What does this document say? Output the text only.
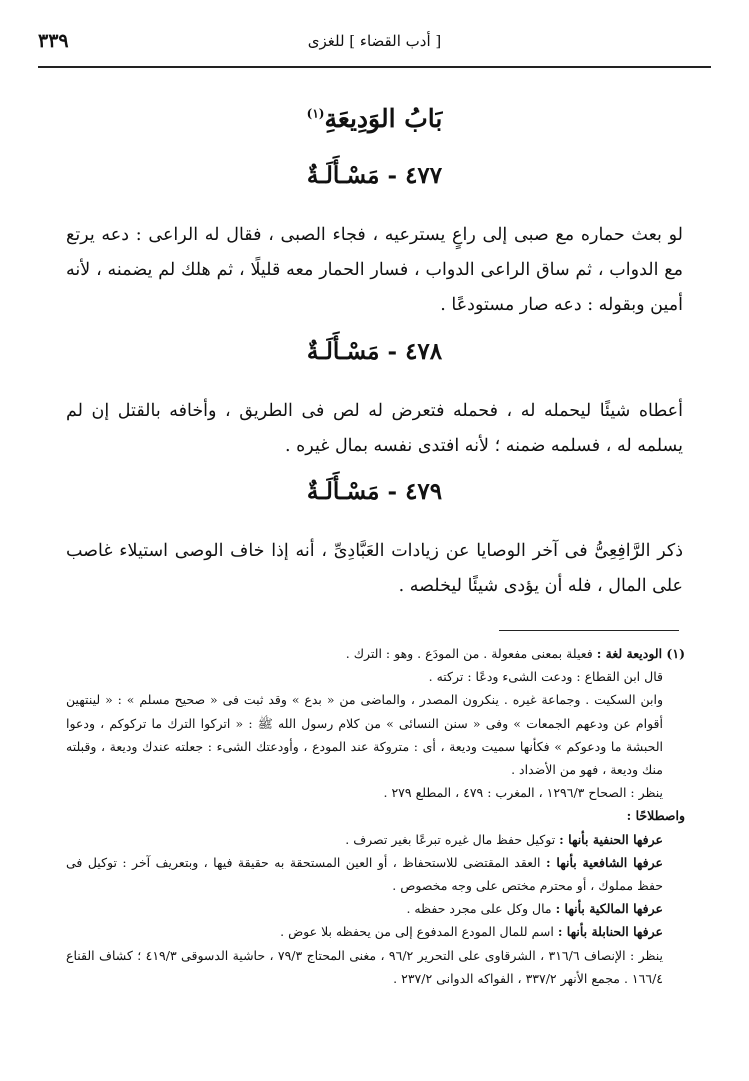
٣٣٩	[ أدب القضاء ] للغزى
بَابُ الوَدِيعَةِ$^{(١)}$
٤٧٧ - مَسْـأَلَـةٌ
لو بعث حماره مع صبى إلى راعٍ يسترعيه ، فجاء الصبى ، فقال له الراعى : دعه يرتع مع الدواب ، ثم ساق الراعى الدواب ، فسار الحمار معه قليلًا ، ثم هلك لم يضمنه ، لأنه أمين وبقوله : دعه صار مستودعًا .
٤٧٨ - مَسْـأَلَـةٌ
أعطاه شيئًا ليحمله له ، فحمله فتعرض له لص فى الطريق ، وأخافه بالقتل إن لم يسلمه له ، فسلمه ضمنه ؛ لأنه افتدى نفسه بمال غيره .
٤٧٩ - مَسْـأَلَـةٌ
ذكر الرَّافِعِىُّ فى آخر الوصايا عن زيادات العَبَّادِىِّ ، أنه إذا خاف الوصى استيلاء غاصب على المال ، فله أن يؤدى شيئًا ليخلصه .

(١) الوديعة لغة : فعيلة بمعنى مفعولة . من المودَع . وهو : الترك .

قال ابن القطاع : ودعت الشىء ودعًا : تركته .

وابن السكيت . وجماعة غيره . ينكرون المصدر ، والماضى من « بدع » وقد ثبت فى « صحيح مسلم » : « لينتهين أقوام عن ودعهم الجمعات » وفى « سنن النسائى » من كلام رسول الله ﷺ : « اتركوا الترك ما تركوكم ، ودعوا الحبشة ما ودعوكم » فكأنها سميت وديعة ، أى : متروكة عند المودع ، وأودعتك الشىء : جعلته عندك وديعة ، وقبلته منك وديعة ، فهو من الأضداد .

ينظر : الصحاح ١٢٩٦/٣ ، المغرب : ٤٧٩ ، المطلع ٢٧٩ .

واصطلاحًا :

عرفها الحنفية بأنها : توكيل حفظ مال غيره تبرعًا بغير تصرف .

عرفها الشافعية بأنها : العقد المقتضى للاستحفاظ ، أو العين المستحقة به حقيقة فيها ، وبتعريف آخر : توكيل فى حفظ مملوك ، أو محترم مختص على وجه مخصوص .

عرفها المالكية بأنها : مال وكل على مجرد حفظه .

عرفها الحنابلة بأنها : اسم للمال المودع المدفوع إلى من يحفظه بلا عوض .

ينظر : الإنصاف ٣١٦/٦ ، الشرقاوى على التحرير ٩٦/٢ ، مغنى المحتاج ٧٩/٣ ، حاشية الدسوقى ٤١٩/٣ ؛ كشاف القناع ١٦٦/٤ . مجمع الأنهر ٣٣٧/٢ ، الفواكه الدوانى ٢٣٧/٢ .
